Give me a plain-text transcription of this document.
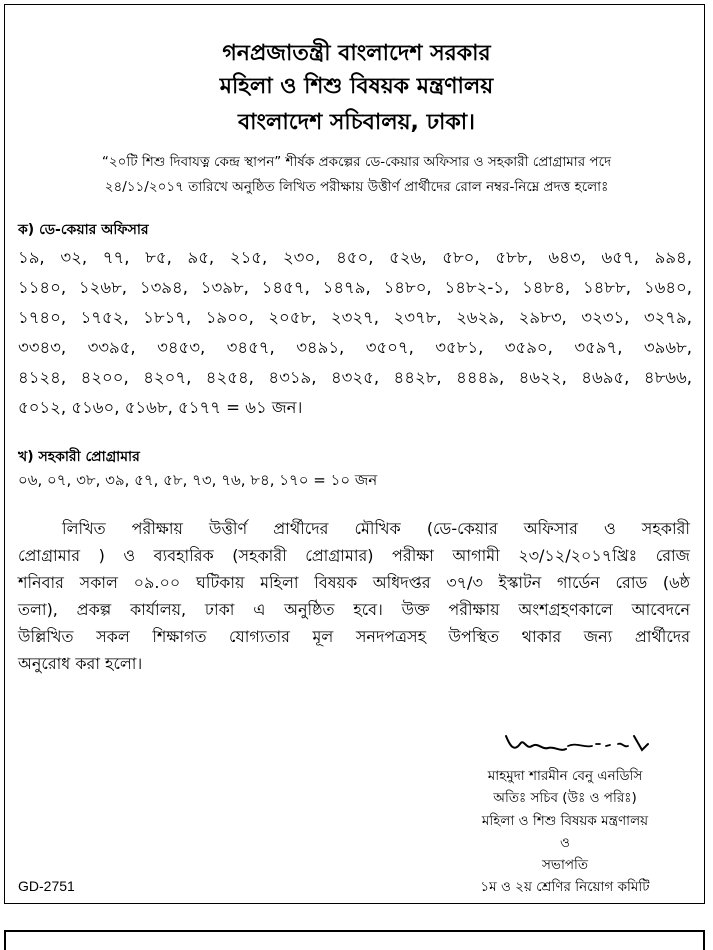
গনপ্রজাতন্ত্রী বাংলাদেশ সরকার
মহিলা ও শিশু বিষয়ক মন্ত্রণালয়
বাংলাদেশ সচিবালয়, ঢাকা।
“২০টি শিশু দিবাযত্ন কেন্দ্র স্থাপন” শীর্ষক প্রকল্পের ডে-কেয়ার অফিসার ও সহকারী প্রোগ্রামার পদে
২৪/১১/২০১৭ তারিখে অনুষ্ঠিত লিখিত পরীক্ষায় উত্তীর্ণ প্রার্থীদের রোল নম্বর-নিম্নে প্রদত্ত হলোঃ
ক) ডে-কেয়ার অফিসার
১৯, ৩২, ৭৭, ৮৫, ৯৫, ২১৫, ২৩০, ৪৫০, ৫২৬, ৫৮০, ৫৮৮, ৬৪৩, ৬৫৭, ৯৯৪,
১১৪০, ১২৬৮, ১৩৯৪, ১৩৯৮, ১৪৫৭, ১৪৭৯, ১৪৮০, ১৪৮২-১, ১৪৮৪, ১৪৮৮, ১৬৪০,
১৭৪০, ১৭৫২, ১৮১৭, ১৯০০, ২০৫৮, ২৩২৭, ২৩৭৮, ২৬২৯, ২৯৮৩, ৩২৩১, ৩২৭৯,
৩৩৪৩, ৩৩৯৫, ৩৪৫৩, ৩৪৫৭, ৩৪৯১, ৩৫০৭, ৩৫৮১, ৩৫৯০, ৩৫৯৭, ৩৯৬৮,
৪১২৪, ৪২০০, ৪২০৭, ৪২৫৪, ৪৩১৯, ৪৩২৫, ৪৪২৮, ৪৪৪৯, ৪৬২২, ৪৬৯৫, ৪৮৬৬,
৫০১২, ৫১৬০, ৫১৬৮, ৫১৭৭ = ৬১ জন।
খ) সহকারী প্রোগ্রামার
০৬, ০৭, ৩৮, ৩৯, ৫৭, ৫৮, ৭৩, ৭৬, ৮৪, ১৭০ = ১০ জন
লিখিত পরীক্ষায় উত্তীর্ণ প্রার্থীদের মৌখিক (ডে-কেয়ার অফিসার ও সহকারী
প্রোগ্রামার ) ও ব্যবহারিক (সহকারী প্রোগ্রামার) পরীক্ষা আগামী ২৩/১২/২০১৭খ্রিঃ রোজ
শনিবার সকাল ০৯.০০ ঘটিকায় মহিলা বিষয়ক অধিদপ্তর ৩৭/৩ ইস্কাটন গার্ডেন রোড (৬ষ্ঠ
তলা), প্রকল্প কার্যালয়, ঢাকা এ অনুষ্ঠিত হবে। উক্ত পরীক্ষায় অংশগ্রহণকালে আবেদনে
উল্লিখিত সকল শিক্ষাগত যোগ্যতার মূল সনদপত্রসহ উপস্থিত থাকার জন্য প্রার্থীদের
অনুরোধ করা হলো।
মাহমুদা শারমীন বেনু এনডিসি
অতিঃ সচিব (উঃ ও পরিঃ)
মহিলা ও শিশু বিষয়ক মন্ত্রণালয়
ও
সভাপতি
১ম ও ২য় শ্রেণির নিয়োগ কমিটি
GD-2751
